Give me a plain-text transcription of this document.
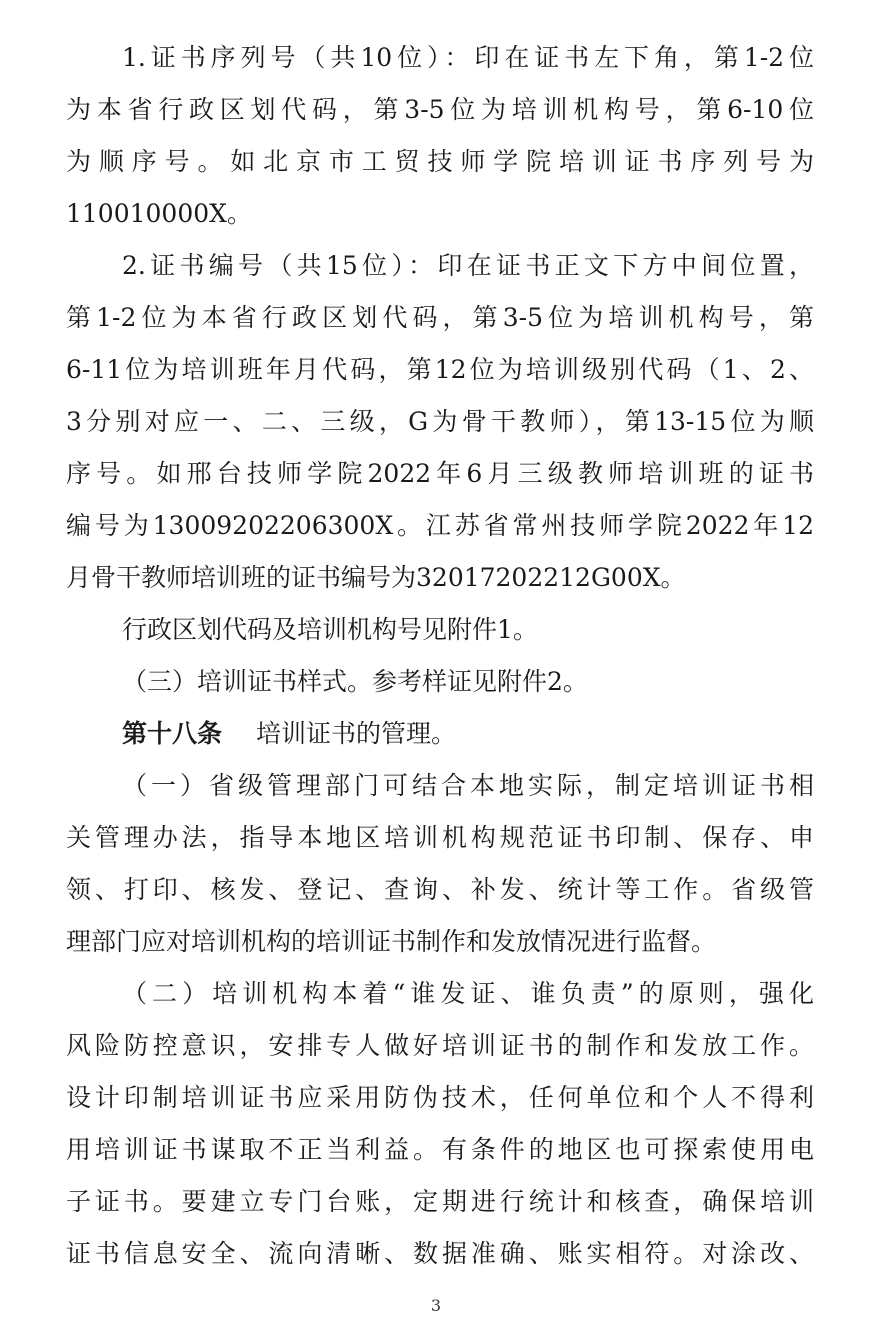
1.证书序列号（共10位）：印在证书左下角，第1-2位
为本省行政区划代码，第3-5位为培训机构号，第6-10位
为顺序号。如北京市工贸技师学院培训证书序列号为
110010000X。
2.证书编号（共15位）：印在证书正文下方中间位置，
第1-2位为本省行政区划代码，第3-5位为培训机构号，第
6-11位为培训班年月代码，第12位为培训级别代码（1、2、
3分别对应一、二、三级，G为骨干教师），第13-15位为顺
序号。如邢台技师学院2022年6月三级教师培训班的证书
编号为13009202206300X。江苏省常州技师学院2022年12
月骨干教师培训班的证书编号为32017202212G00X。
行政区划代码及培训机构号见附件1。
（三）培训证书样式。参考样证见附件2。
第十八条	培训证书的管理。
（一）省级管理部门可结合本地实际，制定培训证书相
关管理办法，指导本地区培训机构规范证书印制、保存、申
领、打印、核发、登记、查询、补发、统计等工作。省级管
理部门应对培训机构的培训证书制作和发放情况进行监督。
（二）培训机构本着“谁发证、谁负责”的原则，强化
风险防控意识，安排专人做好培训证书的制作和发放工作。
设计印制培训证书应采用防伪技术，任何单位和个人不得利
用培训证书谋取不正当利益。有条件的地区也可探索使用电
子证书。要建立专门台账，定期进行统计和核查，确保培训
证书信息安全、流向清晰、数据准确、账实相符。对涂改、
3
